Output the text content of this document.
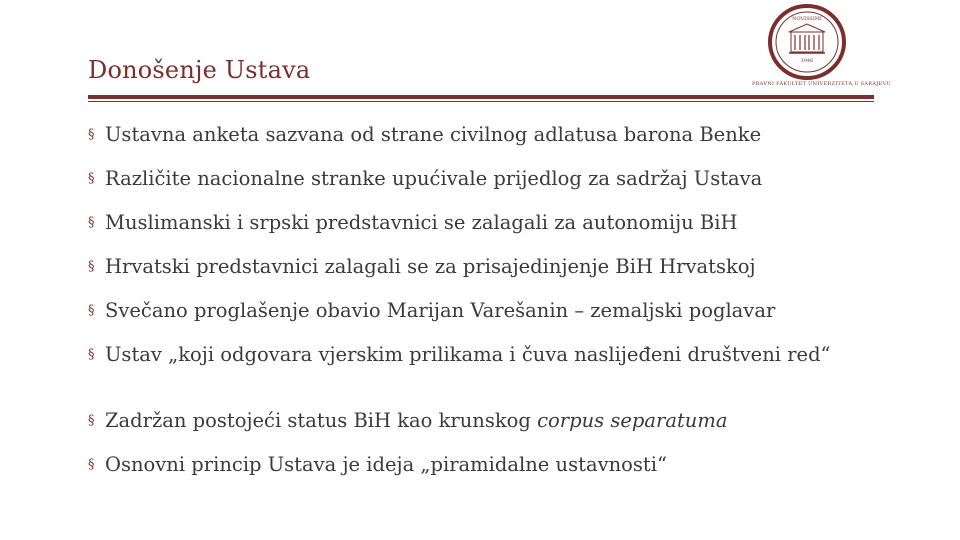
Donošenje Ustava
NOVISSIMI
1946
PRAVNI FAKULTET UNIVERZITETA U SARAJEVU
§ Ustavna anketa sazvana od strane civilnog adlatusa barona Benke
§ Različite nacionalne stranke upućivale prijedlog za sadržaj Ustava
§ Muslimanski i srpski predstavnici se zalagali za autonomiju BiH
§ Hrvatski predstavnici zalagali se za prisajedinjenje BiH Hrvatskoj
§ Svečano proglašenje obavio Marijan Varešanin – zemaljski poglavar
§ Ustav „koji odgovara vjerskim prilikama i čuva naslijeđeni društveni red“
§ Zadržan postojeći status BiH kao krunskog corpus separatuma
§ Osnovni princip Ustava je ideja „piramidalne ustavnosti“
